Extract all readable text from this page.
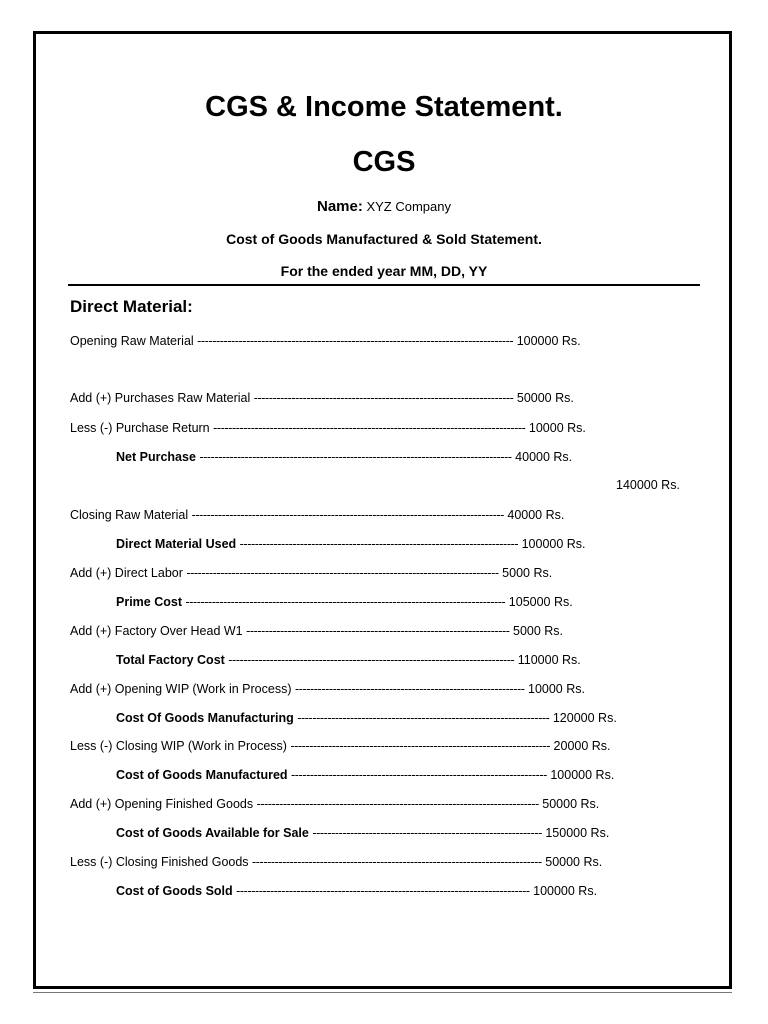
CGS & Income Statement.
CGS
Name: XYZ Company
Cost of Goods Manufactured & Sold Statement.
For the ended year MM, DD, YY
Direct Material:
Opening Raw Material ------------------------------------------------------------------------------------ 100000 Rs.
Add (+) Purchases Raw Material --------------------------------------------------------------------- 50000 Rs.
Less (-) Purchase Return ----------------------------------------------------------------------------------- 10000 Rs.
Net Purchase ----------------------------------------------------------------------------------- 40000 Rs.
140000 Rs.
Closing Raw Material ----------------------------------------------------------------------------------- 40000 Rs.
Direct Material Used -------------------------------------------------------------------------- 100000 Rs.
Add (+) Direct Labor ----------------------------------------------------------------------------------- 5000 Rs.
Prime Cost ------------------------------------------------------------------------------------- 105000 Rs.
Add (+) Factory Over Head W1 ---------------------------------------------------------------------- 5000 Rs.
Total Factory Cost ---------------------------------------------------------------------------- 110000 Rs.
Add (+) Opening WIP (Work in Process) ------------------------------------------------------------- 10000 Rs.
Cost Of Goods Manufacturing ------------------------------------------------------------------- 120000 Rs.
Less (-) Closing WIP (Work in Process) --------------------------------------------------------------------- 20000 Rs.
Cost of Goods Manufactured -------------------------------------------------------------------- 100000 Rs.
Add (+) Opening Finished Goods --------------------------------------------------------------------------- 50000 Rs.
Cost of Goods Available for Sale ------------------------------------------------------------- 150000 Rs.
Less (-) Closing Finished Goods ----------------------------------------------------------------------------- 50000 Rs.
Cost of Goods Sold ------------------------------------------------------------------------------ 100000 Rs.
